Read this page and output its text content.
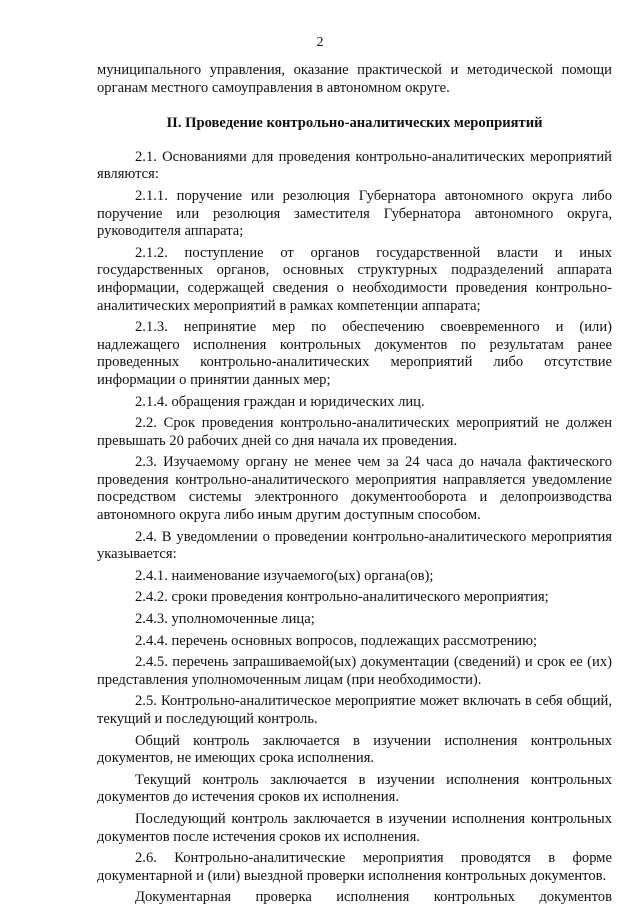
2

муниципального управления, оказание практической и методической помощи органам местного самоуправления в автономном округе.

II. Проведение контрольно-аналитических мероприятий

2.1. Основаниями для проведения контрольно-аналитических мероприятий являются:

2.1.1. поручение или резолюция Губернатора автономного округа либо поручение или резолюция заместителя Губернатора автономного округа, руководителя аппарата;

2.1.2. поступление от органов государственной власти и иных государственных органов, основных структурных подразделений аппарата информации, содержащей сведения о необходимости проведения контрольно-аналитических мероприятий в рамках компетенции аппарата;

2.1.3. непринятие мер по обеспечению своевременного и (или) надлежащего исполнения контрольных документов по результатам ранее проведенных контрольно-аналитических мероприятий либо отсутствие информации о принятии данных мер;

2.1.4. обращения граждан и юридических лиц.

2.2. Срок проведения контрольно-аналитических мероприятий не должен превышать 20 рабочих дней со дня начала их проведения.

2.3. Изучаемому органу не менее чем за 24 часа до начала фактического проведения контрольно-аналитического мероприятия направляется уведомление посредством системы электронного документооборота и делопроизводства автономного округа либо иным другим доступным способом.

2.4. В уведомлении о проведении контрольно-аналитического мероприятия указывается:

2.4.1. наименование изучаемого(ых) органа(ов);

2.4.2. сроки проведения контрольно-аналитического мероприятия;

2.4.3. уполномоченные лица;

2.4.4. перечень основных вопросов, подлежащих рассмотрению;

2.4.5. перечень запрашиваемой(ых) документации (сведений) и срок ее (их) представления уполномоченным лицам (при необходимости).

2.5. Контрольно-аналитическое мероприятие может включать в себя общий, текущий и последующий контроль.

Общий контроль заключается в изучении исполнения контрольных документов, не имеющих срока исполнения.

Текущий контроль заключается в изучении исполнения контрольных документов до истечения сроков их исполнения.

Последующий контроль заключается в изучении исполнения контрольных документов после истечения сроков их исполнения.

2.6. Контрольно-аналитические мероприятия проводятся в форме документарной и (или) выездной проверки исполнения контрольных документов.

Документарная проверка исполнения контрольных документов
